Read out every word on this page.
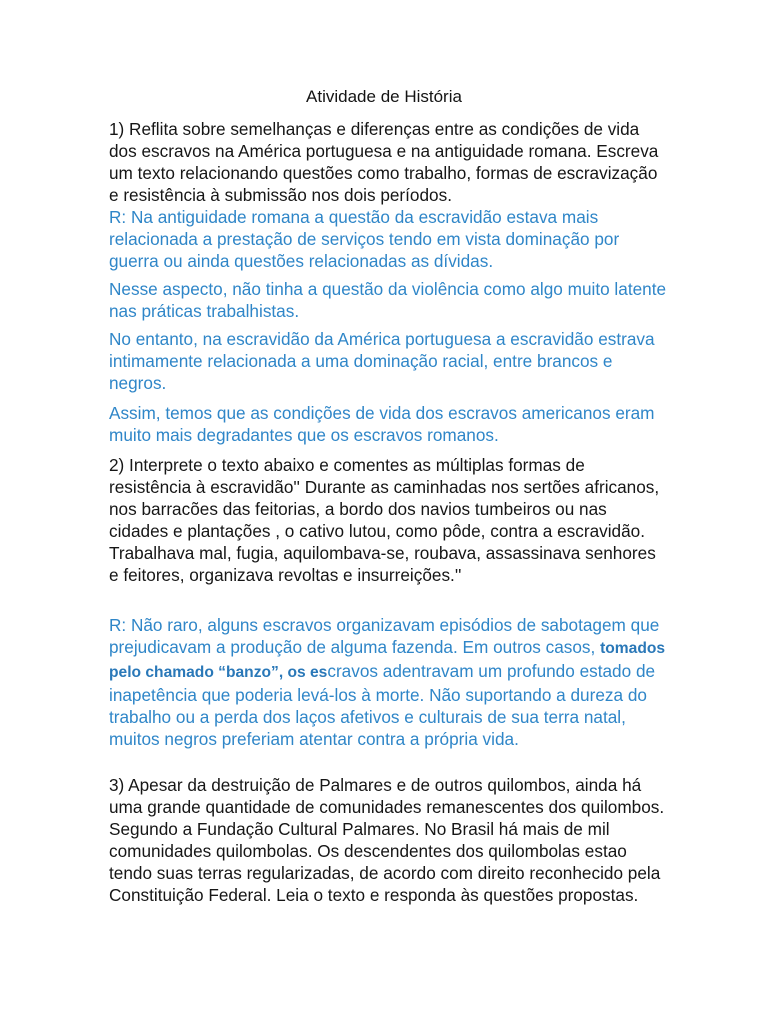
Atividade de História

1) Reflita sobre semelhanças e diferenças entre as condições de vida dos escravos na América portuguesa e na antiguidade romana. Escreva um texto relacionando questões como trabalho, formas de escravização e resistência à submissão nos dois períodos.

R: Na antiguidade romana a questão da escravidão estava mais relacionada a prestação de serviços tendo em vista dominação por guerra ou ainda questões relacionadas as dívidas.

Nesse aspecto, não tinha a questão da violência como algo muito latente nas práticas trabalhistas.

No entanto, na escravidão da América portuguesa a escravidão estrava intimamente relacionada a uma dominação racial, entre brancos e negros.

Assim, temos que as condições de vida dos escravos americanos eram muito mais degradantes que os escravos romanos.

2) Interprete o texto abaixo e comentes as múltiplas formas de resistência à escravidão'' Durante as caminhadas nos sertões africanos, nos barracões das feitorias, a bordo dos navios tumbeiros ou nas cidades e plantações , o cativo lutou, como pôde, contra a escravidão. Trabalhava mal, fugia, aquilombava-se, roubava, assassinava senhores e feitores, organizava revoltas e insurreições.''

R: Não raro, alguns escravos organizavam episódios de sabotagem que prejudicavam a produção de alguma fazenda. Em outros casos, tomados pelo chamado “banzo”, os escravos adentravam um profundo estado de inapetência que poderia levá-los à morte. Não suportando a dureza do trabalho ou a perda dos laços afetivos e culturais de sua terra natal, muitos negros preferiam atentar contra a própria vida.

3) Apesar da destruição de Palmares e de outros quilombos, ainda há uma grande quantidade de comunidades remanescentes dos quilombos. Segundo a Fundação Cultural Palmares. No Brasil há mais de mil comunidades quilombolas. Os descendentes dos quilombolas estao tendo suas terras regularizadas, de acordo com direito reconhecido pela Constituição Federal. Leia o texto e responda às questões propostas.
